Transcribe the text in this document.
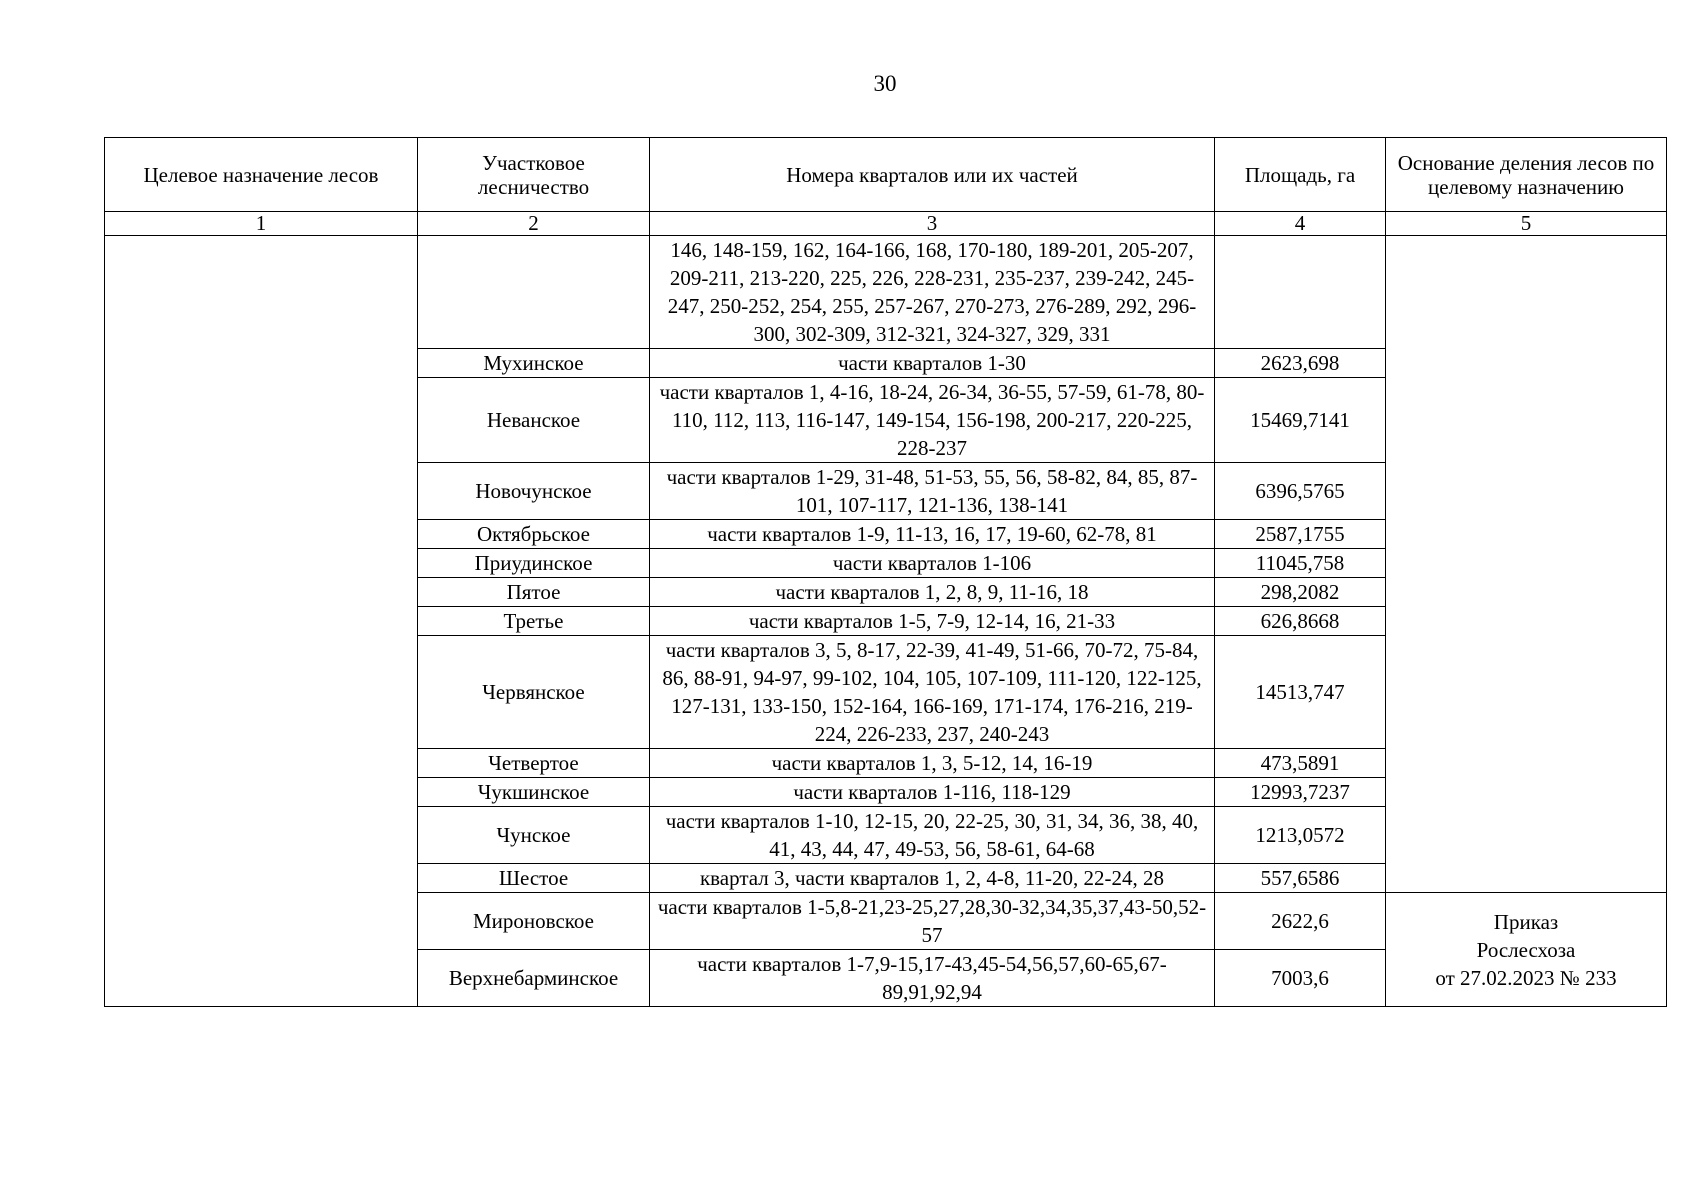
30
Целевое назначение лесов	Участковое лесничество	Номера кварталов или их частей	Площадь, га	Основание деления лесов по целевому назначению
1	2	3	4	5
		146, 148-159, 162, 164-166, 168, 170-180, 189-201, 205-207, 209-211, 213-220, 225, 226, 228-231, 235-237, 239-242, 245-247, 250-252, 254, 255, 257-267, 270-273, 276-289, 292, 296-300, 302-309, 312-321, 324-327, 329, 331		
	Мухинское	части кварталов 1-30	2623,698	
	Неванское	части кварталов 1, 4-16, 18-24, 26-34, 36-55, 57-59, 61-78, 80-110, 112, 113, 116-147, 149-154, 156-198, 200-217, 220-225, 228-237	15469,7141	
	Новочунское	части кварталов 1-29, 31-48, 51-53, 55, 56, 58-82, 84, 85, 87-101, 107-117, 121-136, 138-141	6396,5765	
	Октябрьское	части кварталов 1-9, 11-13, 16, 17, 19-60, 62-78, 81	2587,1755	
	Приудинское	части кварталов 1-106	11045,758	
	Пятое	части кварталов 1, 2, 8, 9, 11-16, 18	298,2082	
	Третье	части кварталов 1-5, 7-9, 12-14, 16, 21-33	626,8668	
	Червянское	части кварталов 3, 5, 8-17, 22-39, 41-49, 51-66, 70-72, 75-84, 86, 88-91, 94-97, 99-102, 104, 105, 107-109, 111-120, 122-125, 127-131, 133-150, 152-164, 166-169, 171-174, 176-216, 219-224, 226-233, 237, 240-243	14513,747	
	Четвертое	части кварталов 1, 3, 5-12, 14, 16-19	473,5891	
	Чукшинское	части кварталов 1-116, 118-129	12993,7237	
	Чунское	части кварталов 1-10, 12-15, 20, 22-25, 30, 31, 34, 36, 38, 40, 41, 43, 44, 47, 49-53, 56, 58-61, 64-68	1213,0572	
	Шестое	квартал 3, части кварталов 1, 2, 4-8, 11-20, 22-24, 28	557,6586	
	Мироновское	части кварталов 1-5,8-21,23-25,27,28,30-32,34,35,37,43-50,52-57	2622,6	Приказ
Рослесхоза
от 27.02.2023 № 233

	Верхнебарминское	части кварталов 1-7,9-15,17-43,45-54,56,57,60-65,67-89,91,92,94	7003,6	
